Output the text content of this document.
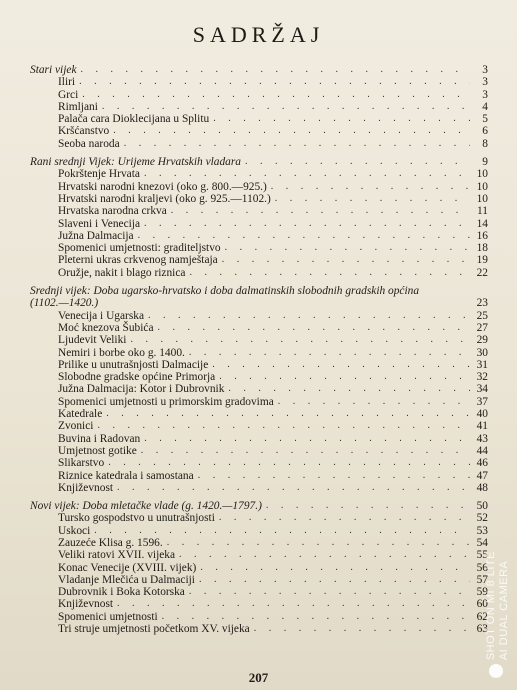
SADRŽAJ
Stari vijek . . .	3
Iliri . . .	3
Grci . . .	3
Rimljani . . .	4
Palača cara Dioklecijana u Splitu . . .	5
Kršćanstvo . . .	6
Seoba naroda . . .	8
Rani srednji Vijek: Urijeme Hrvatskih vladara . . .	9
Pokrštenje Hrvata . . .	10
Hrvatski narodni knezovi (oko g. 800.—925.) . . .	10
Hrvatski narodni kraljevi (oko g. 925.—1102.) . . .	10
Hrvatska narodna crkva . . .	11
Slaveni i Venecija . . .	14
Južna Dalmacija . . .	16
Spomenici umjetnosti: graditeljstvo . . .	18
Pleterni ukras crkvenog namještaja . . .	19
Oružje, nakit i blago riznica . . .	22
Srednji vijek: Doba ugarsko-hrvatsko i doba dalmatinskih slobodnih gradskih općina (1102.—1420.)	23
Venecija i Ugarska . . .	25
Moć knezova Šubića . . .	27
Ljudevit Veliki . . .	29
Nemiri i borbe oko g. 1400. . . .	30
Prilike u unutrašnjosti Dalmacije . . .	31
Slobodne gradske općine Primorja . . .	32
Južna Dalmacija: Kotor i Dubrovnik . . .	34
Spomenici umjetnosti u primorskim gradovima . . .	37
Katedrale . . .	40
Zvonici . . .	41
Buvina i Radovan . . .	43
Umjetnost gotike . . .	44
Slikarstvo . . .	46
Riznice katedrala i samostana . . .	47
Književnost . . .	48
Novi vijek: Doba mletačke vlade (g. 1420.—1797.) . . .	50
Tursko gospodstvo u unutrašnjosti . . .	52
Uskoci . . .	53
Zauzeće Klisa g. 1596. . . .	54
Veliki ratovi XVII. vijeka . . .	55
Konac Venecije (XVIII. vijek) . . .	56
Vladanje Mlečića u Dalmaciji . . .	57
Dubrovnik i Boka Kotorska . . .	59
Književnost . . .	60
Spomenici umjetnosti . . .	62
Tri struje umjetnosti početkom XV. vijeka . . .	63
207
SHOT ON MI 8 LITE AI DUAL CAMERA
